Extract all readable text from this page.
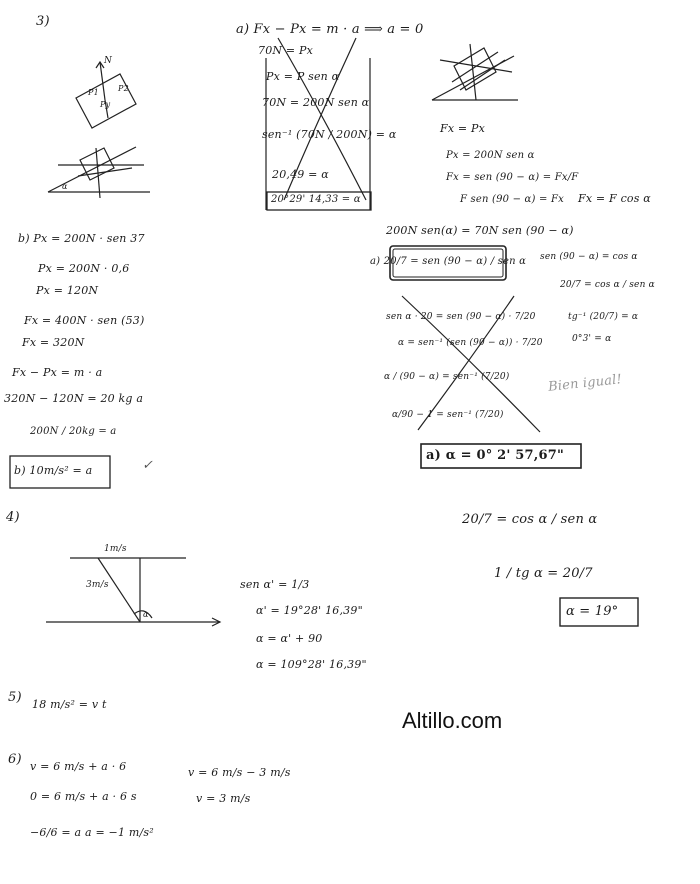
3)
4)
5)
6)
N
P1 P2
Py
α
1m/s
3m/s
α
a) Fx − Px = m · a ⟹ a = 0
70N = Px
Px = P sen α
70N = 200N sen α
sen⁻¹ (70N / 200N) = α
20,49 = α
20°29' 14,33 = α
Fx = Px
Px = 200N sen α
Fx = sen (90 − α) = Fx/F
F sen (90 − α) = Fx Fx = F cos α
b) Px = 200N · sen 37
Px = 200N · 0,6
Px = 120N
Fx = 400N · sen (53)
Fx = 320N
Fx − Px = m · a
320N − 120N = 20 kg a
200N / 20kg = a
b) 10m/s² = a	✓
200N sen(α) = 70N sen (90 − α)
a) 20/7 = sen (90 − α) / sen α sen (90 − α) = cos α
20/7 = cos α / sen α
tg⁻¹ (20/7) = α
0°3' = α
sen α · 20 = sen (90 − α) · 7/20
α = sen⁻¹ (sen (90 − α)) · 7/20
α / (90 − α) = sen⁻¹ (7/20)
α/90 − 1 = sen⁻¹ (7/20)
a) α = 0° 2' 57,67"
Bien igual!
20/7 = cos α / sen α
1 / tg α = 20/7
α = 19°
sen α' = 1/3
α' = 19°28' 16,39"
α = α' + 90
α = 109°28' 16,39"
18 m/s² = v t
v = 6 m/s + a · 6
0 = 6 m/s + a · 6 s
−6/6 = a a = −1 m/s²
v = 6 m/s − 3 m/s
v = 3 m/s
Altillo.com
